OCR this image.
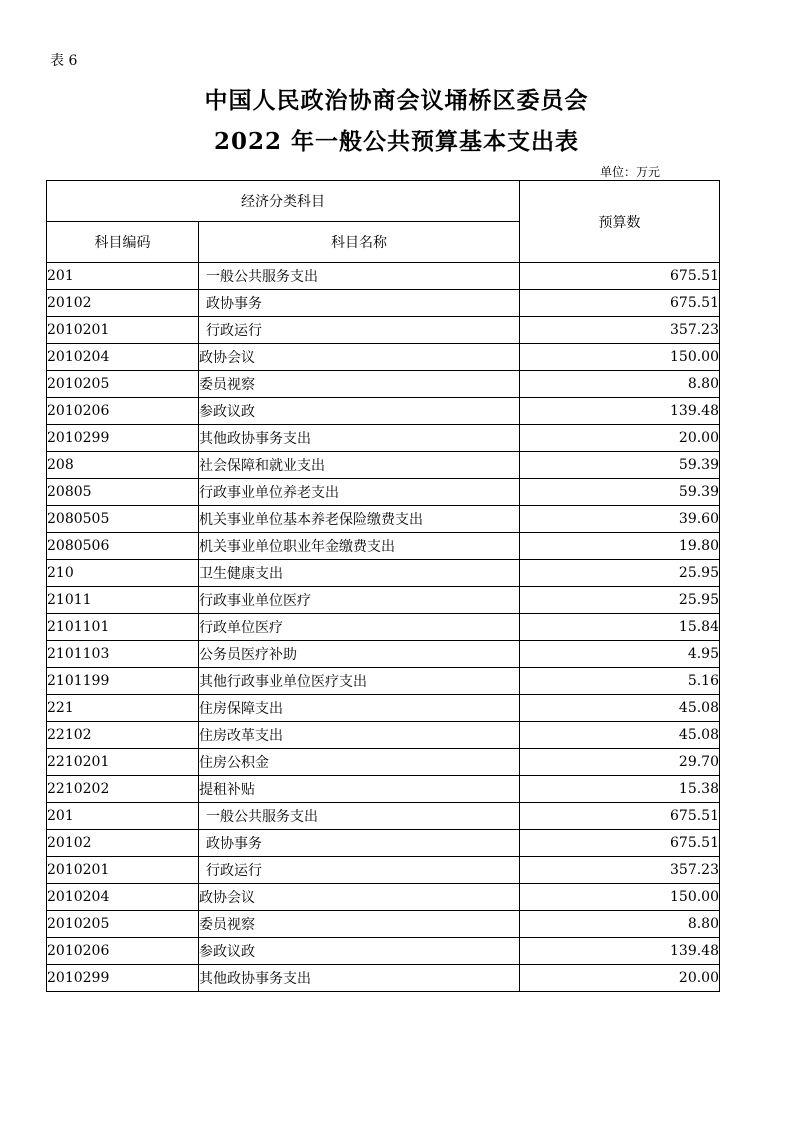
表 6
中国人民政治协商会议埇桥区委员会
2022 年一般公共预算基本支出表
单位：万元
经济分类科目		预算数
科目编码	科目名称	
201	一般公共服务支出	675.51
20102	政协事务	675.51
2010201	行政运行	357.23
2010204	政协会议	150.00
2010205	委员视察	8.80
2010206	参政议政	139.48
2010299	其他政协事务支出	20.00
208	社会保障和就业支出	59.39
20805	行政事业单位养老支出	59.39
2080505	机关事业单位基本养老保险缴费支出	39.60
2080506	机关事业单位职业年金缴费支出	19.80
210	卫生健康支出	25.95
21011	行政事业单位医疗	25.95
2101101	行政单位医疗	15.84
2101103	公务员医疗补助	4.95
2101199	其他行政事业单位医疗支出	5.16
221	住房保障支出	45.08
22102	住房改革支出	45.08
2210201	住房公积金	29.70
2210202	提租补贴	15.38
201	一般公共服务支出	675.51
20102	政协事务	675.51
2010201	行政运行	357.23
2010204	政协会议	150.00
2010205	委员视察	8.80
2010206	参政议政	139.48
2010299	其他政协事务支出	20.00
